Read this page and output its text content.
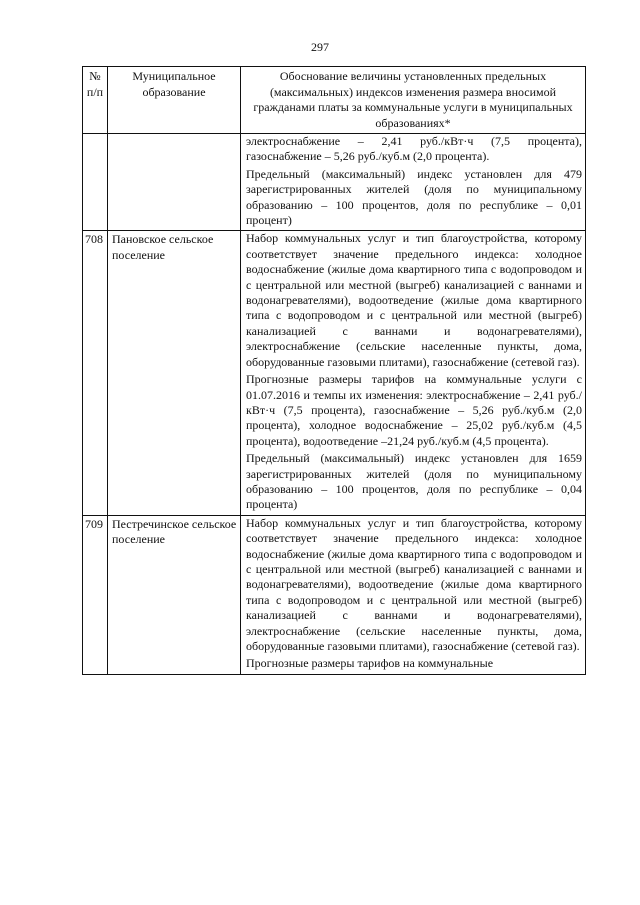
297
№ п/п	Муниципальное образование	Обоснование величины установленных предельных (максимальных) индексов изменения размера вносимой гражданами платы за коммунальные услуги в муниципальных образованиях*

		электроснабжение – 2,41 руб./кВт·ч (7,5 процента), газоснабжение – 5,26 руб./куб.м (2,0 процента).

Предельный (максимальный) индекс установлен для 479 зарегистрированных жителей (доля по муниципальному образованию – 100 процентов, доля по республике – 0,01 процент)

708	Пановское сельское поселение	Набор коммунальных услуг и тип благоустройства, которому соответствует значение предельного индекса: холодное водоснабжение (жилые дома квартирного типа с водопроводом и с центральной или местной (выгреб) канализацией с ваннами и водонагревателями), водоотведение (жилые дома квартирного типа с водопроводом и с центральной или местной (выгреб) канализацией с ваннами и водонагревателями), электроснабжение (сельские населенные пункты, дома, оборудованные газовыми плитами), газоснабжение (сетевой газ).

Прогнозные размеры тарифов на коммунальные услуги с 01.07.2016 и темпы их изменения: электроснабжение – 2,41 руб./кВт·ч (7,5 процента), газоснабжение – 5,26 руб./куб.м (2,0 процента), холодное водоснабжение – 25,02 руб./куб.м (4,5 процента), водоотведение –21,24 руб./куб.м (4,5 процента).

Предельный (максимальный) индекс установлен для 1659 зарегистрированных жителей (доля по муниципальному образованию – 100 процентов, доля по республике – 0,04 процента)

709	Пестречинское сельское поселение	Набор коммунальных услуг и тип благоустройства, которому соответствует значение предельного индекса: холодное водоснабжение (жилые дома квартирного типа с водопроводом и с центральной или местной (выгреб) канализацией с ваннами и водонагревателями), водоотведение (жилые дома квартирного типа с водопроводом и с центральной или местной (выгреб) канализацией с ваннами и водонагревателями), электроснабжение (сельские населенные пункты, дома, оборудованные газовыми плитами), газоснабжение (сетевой газ).

Прогнозные размеры тарифов на коммунальные
